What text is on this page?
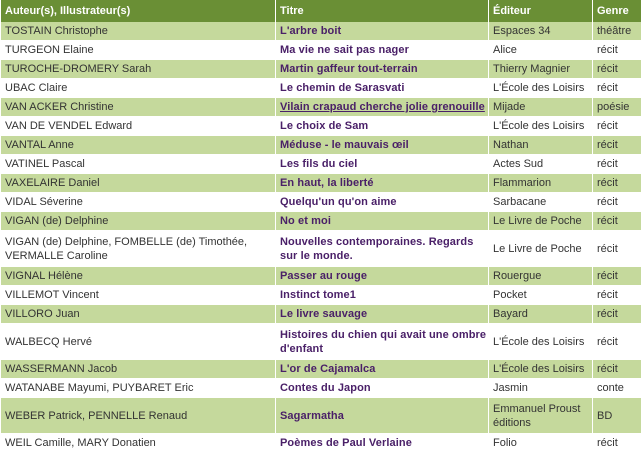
Auteur(s), Illustrateur(s)	Titre	Éditeur	Genre
TOSTAIN Christophe	L'arbre boit	Espaces 34	théâtre
TURGEON Elaine	Ma vie ne sait pas nager	Alice	récit
TUROCHE-DROMERY Sarah	Martin gaffeur tout-terrain	Thierry Magnier	récit
UBAC Claire	Le chemin de Sarasvati	L'École des Loisirs	récit
VAN ACKER Christine	Vilain crapaud cherche jolie grenouille	Mijade	poésie
VAN DE VENDEL Edward	Le choix de Sam	L'École des Loisirs	récit
VANTAL Anne	Méduse - le mauvais œil	Nathan	récit
VATINEL Pascal	Les fils du ciel	Actes Sud	récit
VAXELAIRE Daniel	En haut, la liberté	Flammarion	récit
VIDAL Séverine	Quelqu'un qu'on aime	Sarbacane	récit
VIGAN (de) Delphine	No et moi	Le Livre de Poche	récit
VIGAN (de) Delphine, FOMBELLE (de) Timothée, VERMALLE Caroline	Nouvelles contemporaines. Regards sur le monde.	Le Livre de Poche	récit
VIGNAL Hélène	Passer au rouge	Rouergue	récit
VILLEMOT Vincent	Instinct tome1	Pocket	récit
VILLORO Juan	Le livre sauvage	Bayard	récit
WALBECQ Hervé	Histoires du chien qui avait une ombre d'enfant	L'École des Loisirs	récit
WASSERMANN Jacob	L'or de Cajamalca	L'École des Loisirs	récit
WATANABE Mayumi, PUYBARET Eric	Contes du Japon	Jasmin	conte
WEBER Patrick, PENNELLE Renaud	Sagarmatha	Emmanuel Proust éditions	BD
WEIL Camille, MARY Donatien	Poèmes de Paul Verlaine	Folio	récit
